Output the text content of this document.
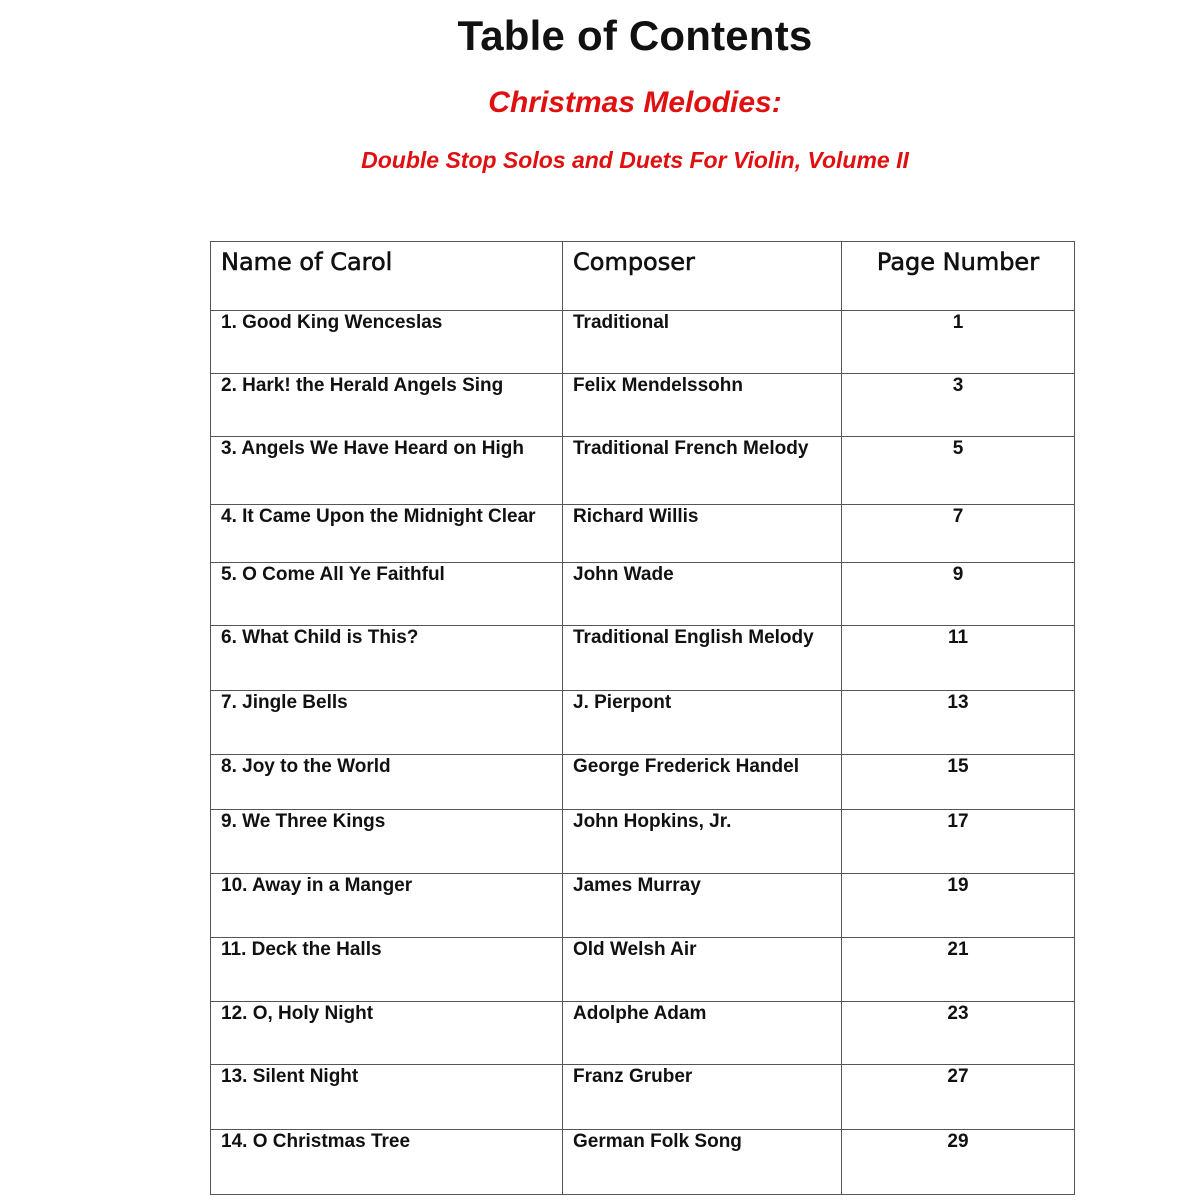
Table of Contents
Christmas Melodies:
Double Stop Solos and Duets For Violin, Volume II
Name of Carol	Composer	Page Number
1. Good King Wenceslas	Traditional	1
2. Hark! the Herald Angels Sing	Felix Mendelssohn	3
3. Angels We Have Heard on High	Traditional French Melody	5
4. It Came Upon the Midnight Clear	Richard Willis	7
5. O Come All Ye Faithful	John Wade	9
6. What Child is This?	Traditional English Melody	11
7. Jingle Bells	J. Pierpont	13
8. Joy to the World	George Frederick Handel	15
9. We Three Kings	John Hopkins, Jr.	17
10. Away in a Manger	James Murray	19
11. Deck the Halls	Old Welsh Air	21
12. O, Holy Night	Adolphe Adam	23
13. Silent Night	Franz Gruber	27
14. O Christmas Tree	German Folk Song	29
